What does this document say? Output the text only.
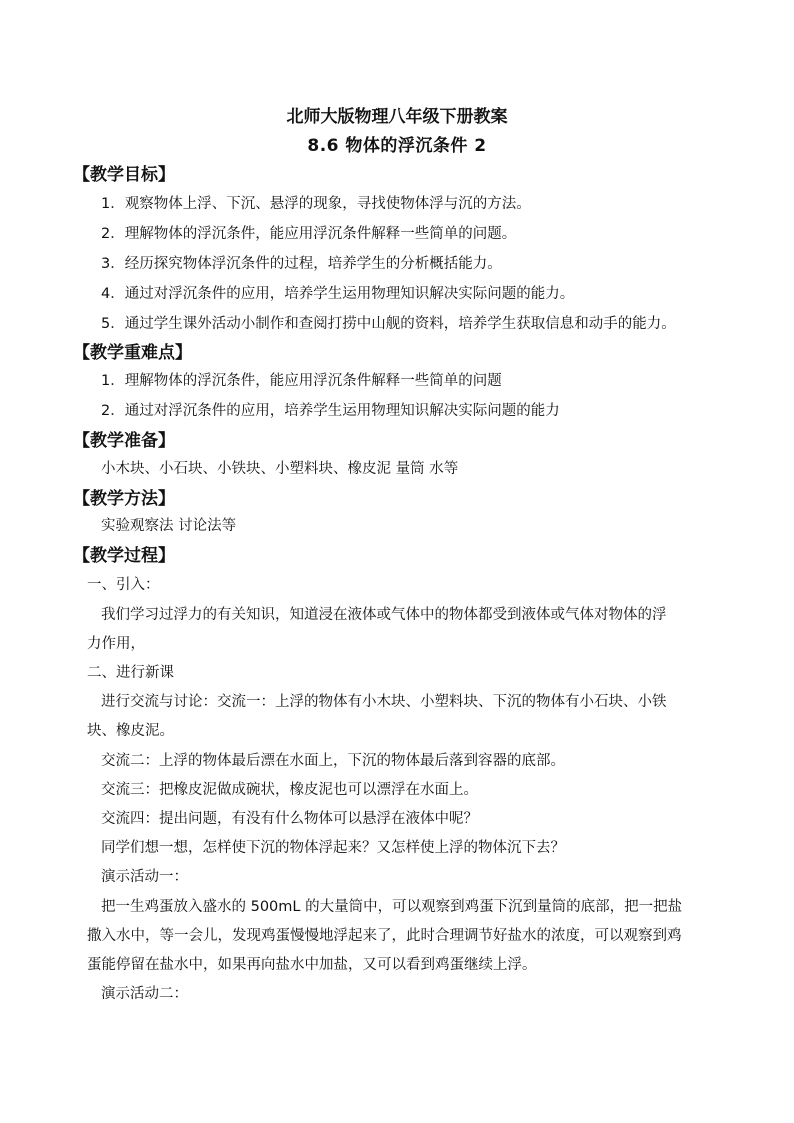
北师大版物理八年级下册教案
8.6 物体的浮沉条件 2
【教学目标】
1．观察物体上浮、下沉、悬浮的现象，寻找使物体浮与沉的方法。
2．理解物体的浮沉条件，能应用浮沉条件解释一些简单的问题。
3．经历探究物体浮沉条件的过程，培养学生的分析概括能力。
4．通过对浮沉条件的应用，培养学生运用物理知识解决实际问题的能力。
5．通过学生课外活动小制作和查阅打捞中山舰的资料，培养学生获取信息和动手的能力。
【教学重难点】
1．理解物体的浮沉条件，能应用浮沉条件解释一些简单的问题
2．通过对浮沉条件的应用，培养学生运用物理知识解决实际问题的能力
【教学准备】
小木块、小石块、小铁块、小塑料块、橡皮泥 量筒 水等
【教学方法】
实验观察法 讨论法等
【教学过程】
一、引入：
我们学习过浮力的有关知识，知道浸在液体或气体中的物体都受到液体或气体对物体的浮
力作用，
二、进行新课
进行交流与讨论：交流一：上浮的物体有小木块、小塑料块、下沉的物体有小石块、小铁
块、橡皮泥。
交流二：上浮的物体最后漂在水面上，下沉的物体最后落到容器的底部。
交流三：把橡皮泥做成碗状，橡皮泥也可以漂浮在水面上。
交流四：提出问题，有没有什么物体可以悬浮在液体中呢？
同学们想一想，怎样使下沉的物体浮起来？又怎样使上浮的物体沉下去？
演示活动一：
把一生鸡蛋放入盛水的 500mL 的大量筒中，可以观察到鸡蛋下沉到量筒的底部，把一把盐
撒入水中，等一会儿，发现鸡蛋慢慢地浮起来了，此时合理调节好盐水的浓度，可以观察到鸡
蛋能停留在盐水中，如果再向盐水中加盐，又可以看到鸡蛋继续上浮。
演示活动二：
